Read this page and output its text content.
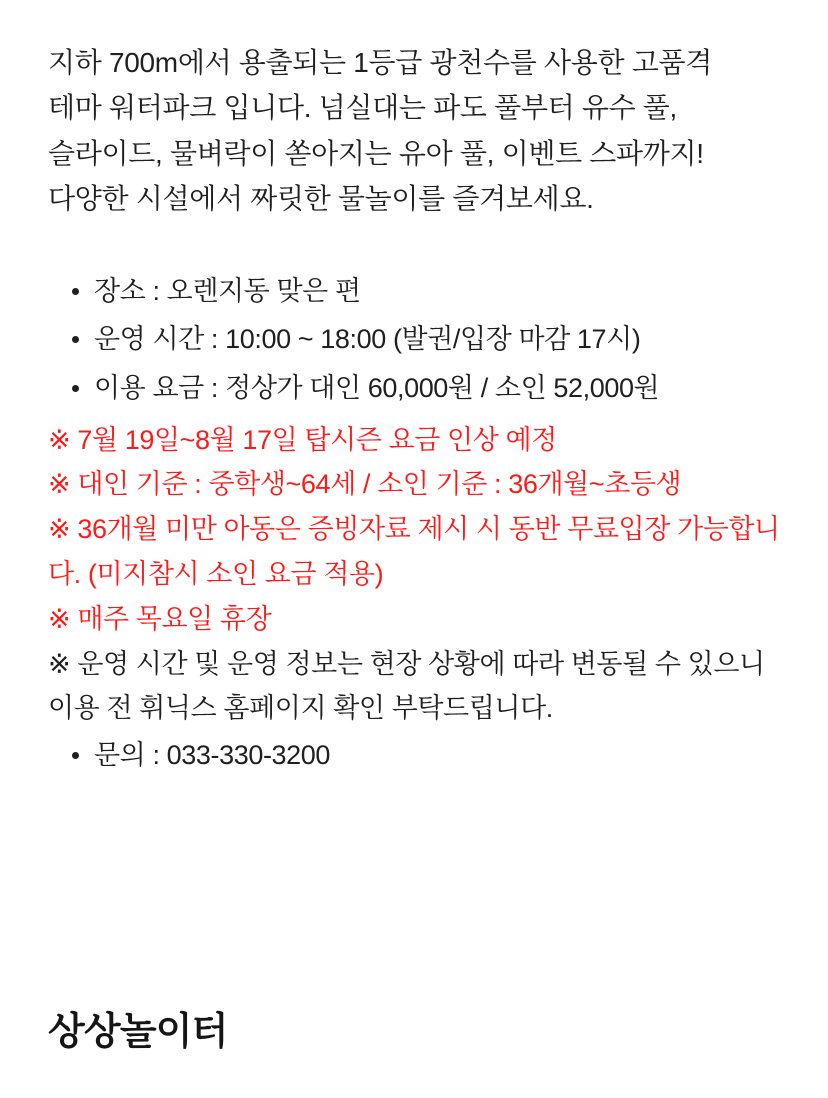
지하 700m에서 용출되는 1등급 광천수를 사용한 고품격
테마 워터파크 입니다. 넘실대는 파도 풀부터 유수 풀,
슬라이드, 물벼락이 쏟아지는 유아 풀, 이벤트 스파까지!
다양한 시설에서 짜릿한 물놀이를 즐겨보세요.

장소 : 오렌지동 맞은 편
운영 시간 : 10:00 ~ 18:00 (발권/입장 마감 17시)
이용 요금 : 정상가 대인 60,000원 / 소인 52,000원

※ 7월 19일~8월 17일 탑시즌 요금 인상 예정

※ 대인 기준 : 중학생~64세 / 소인 기준 : 36개월~초등생

※ 36개월 미만 아동은 증빙자료 제시 시 동반 무료입장 가능합니다. (미지참시 소인 요금 적용)

※ 매주 목요일 휴장

※ 운영 시간 및 운영 정보는 현장 상황에 따라 변동될 수 있으니 이용 전 휘닉스 홈페이지 확인 부탁드립니다.

문의 : 033-330-3200
상상놀이터
